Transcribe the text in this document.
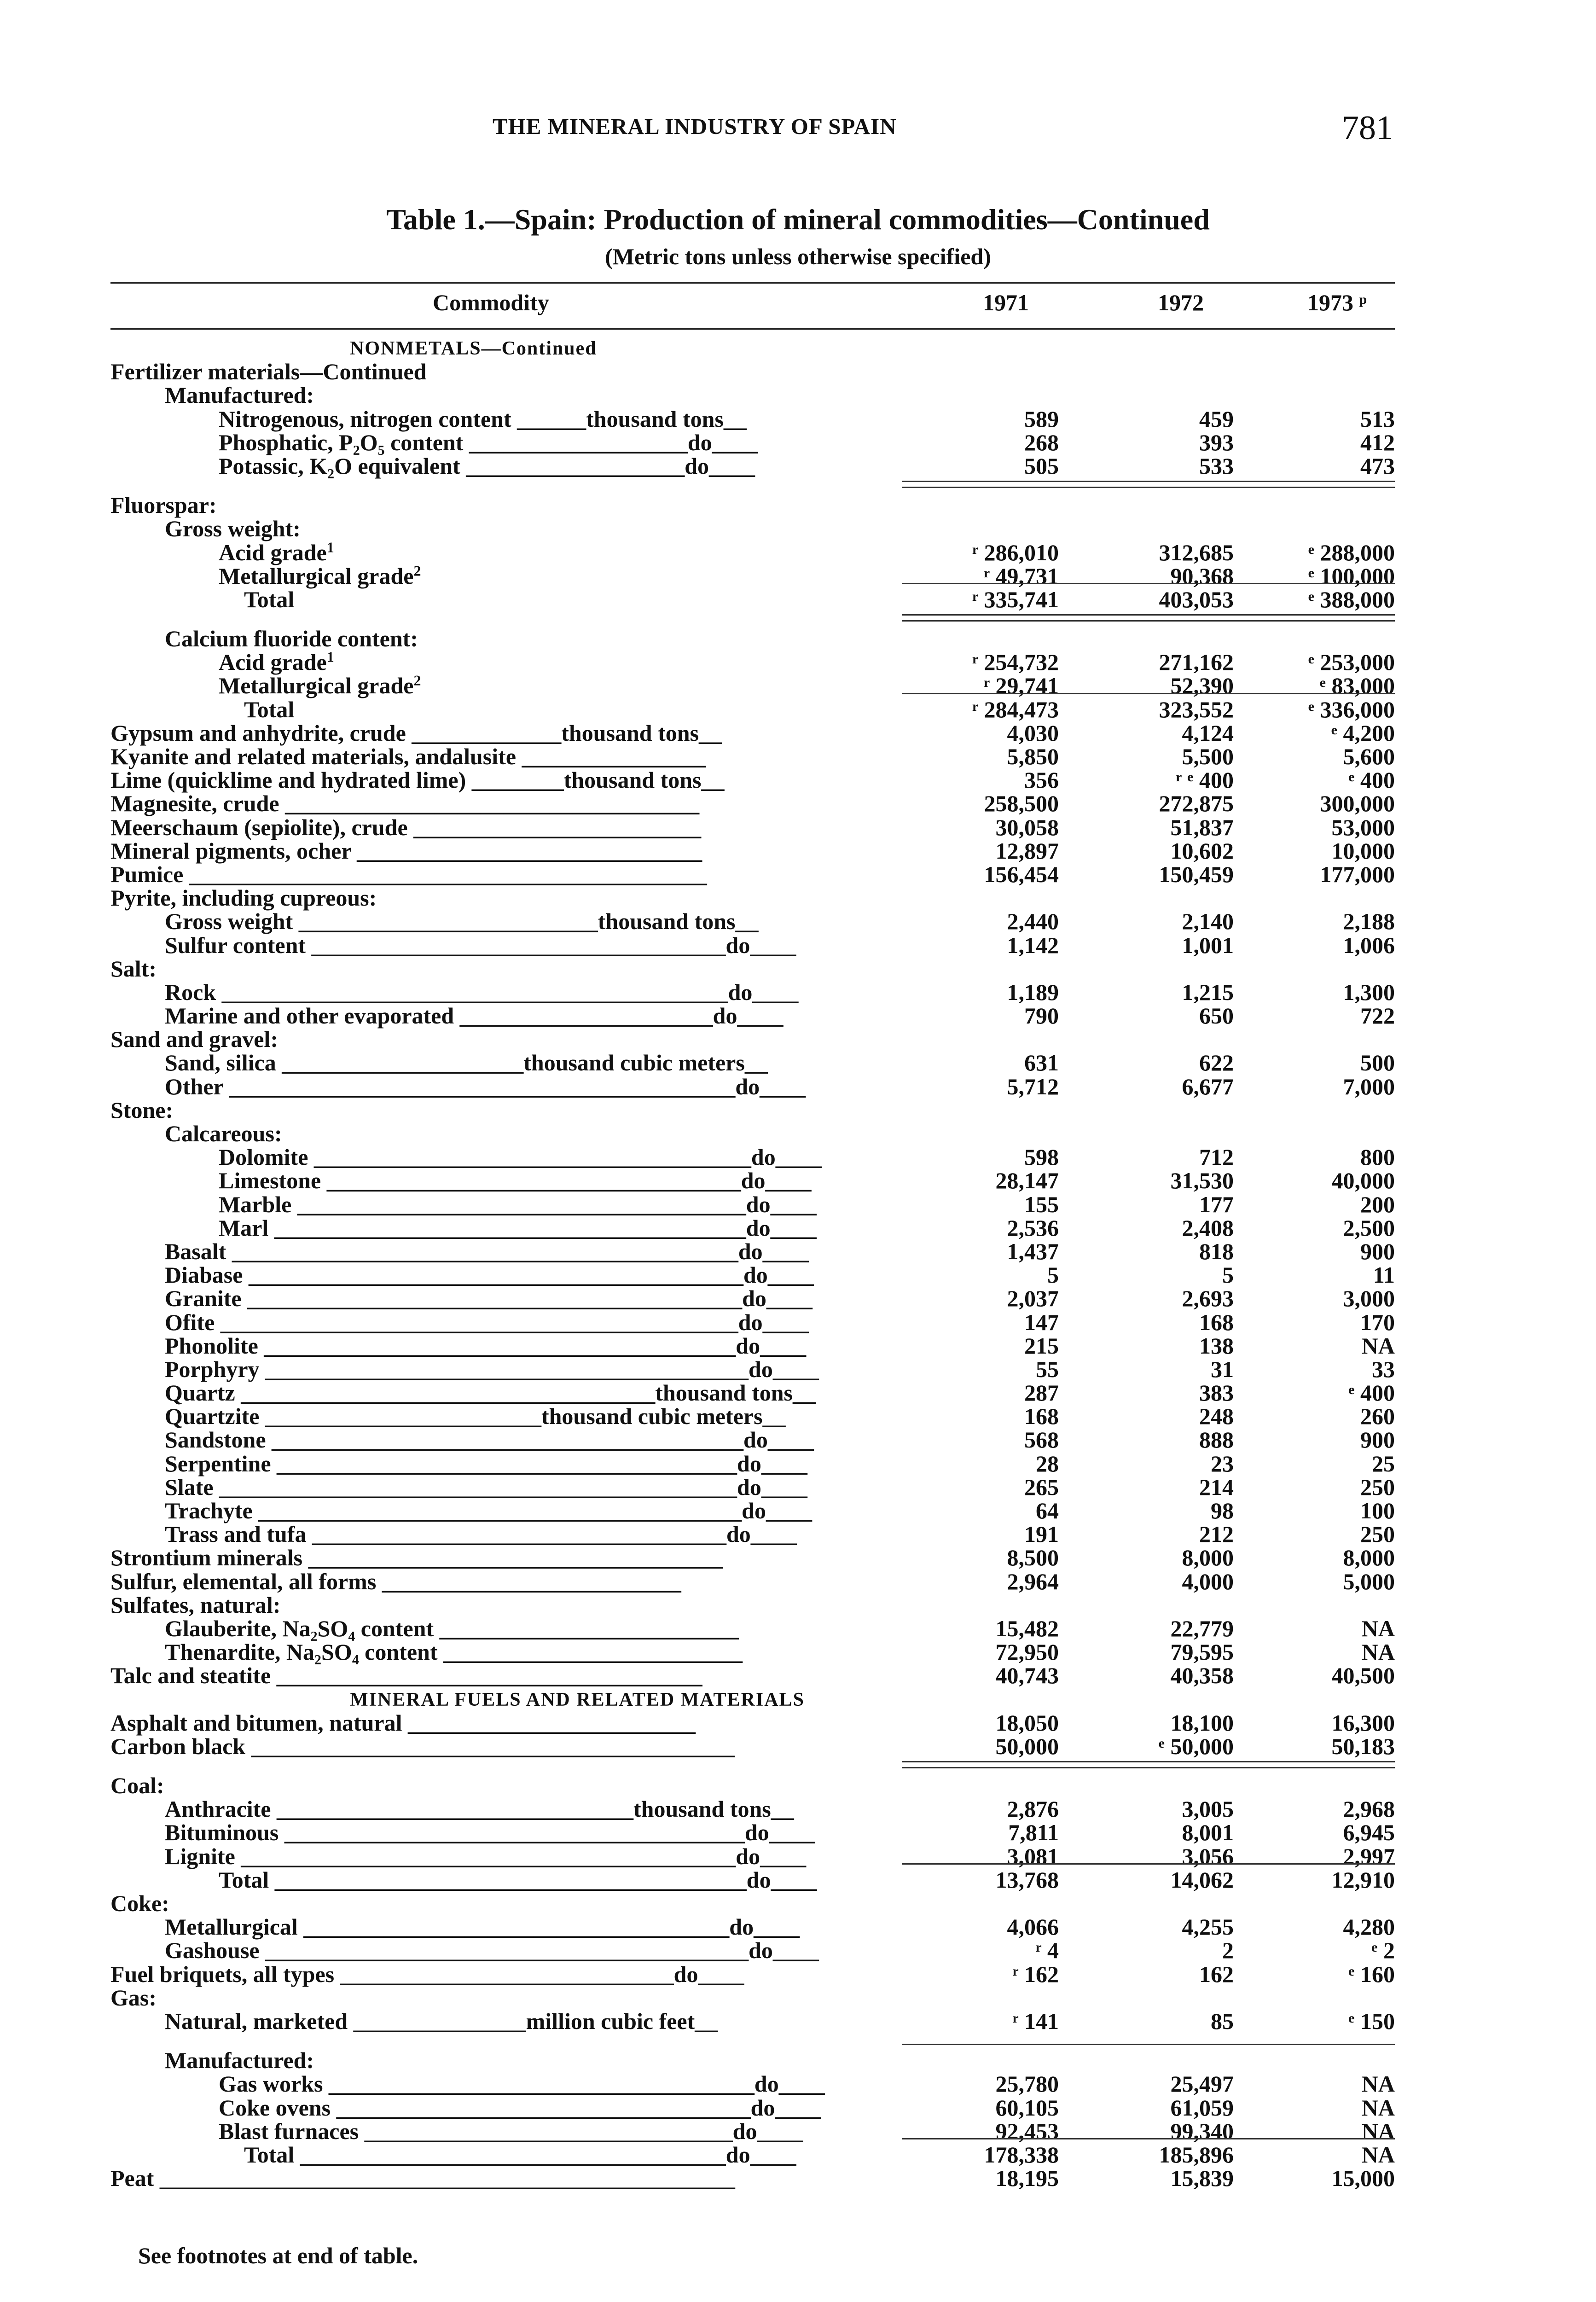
THE MINERAL INDUSTRY OF SPAIN	781
Table 1.—Spain: Production of mineral commodities—Continued
(Metric tons unless otherwise specified)
Commodity	1971	1972	1973 ᵖ
NONMETALS—Continued
Fertilizer materials—Continued
Manufactured:
Nitrogenous, nitrogen content ______thousand tons__	589	459	513
Phosphatic, P₂O₅ content ___________________do____	268	393	412
Potassic, K₂O equivalent ___________________do____	505	533	473
Fluorspar:
Gross weight:
Acid grade$^1$	ʳ 286,010	312,685	ᵉ 288,000
Metallurgical grade$^2$	ʳ 49,731	90,368	ᵉ 100,000
Total	ʳ 335,741	403,053	ᵉ 388,000
Calcium fluoride content:
Acid grade$^1$	ʳ 254,732	271,162	ᵉ 253,000
Metallurgical grade$^2$	ʳ 29,741	52,390	ᵉ 83,000
Total	ʳ 284,473	323,552	ᵉ 336,000
Gypsum and anhydrite, crude _____________thousand tons__	4,030	4,124	ᵉ 4,200
Kyanite and related materials, andalusite ________________	5,850	5,500	5,600
Lime (quicklime and hydrated lime) ________thousand tons__	356	ʳ ᵉ 400	ᵉ 400
Magnesite, crude ____________________________________	258,500	272,875	300,000
Meerschaum (sepiolite), crude _________________________	30,058	51,837	53,000
Mineral pigments, ocher ______________________________	12,897	10,602	10,000
Pumice _____________________________________________	156,454	150,459	177,000
Pyrite, including cupreous:
Gross weight __________________________thousand tons__	2,440	2,140	2,188
Sulfur content ____________________________________do____	1,142	1,001	1,006
Salt:
Rock ____________________________________________do____	1,189	1,215	1,300
Marine and other evaporated ______________________do____	790	650	722
Sand and gravel:
Sand, silica _____________________thousand cubic meters__	631	622	500
Other ____________________________________________do____	5,712	6,677	7,000
Stone:
Calcareous:
Dolomite ______________________________________do____	598	712	800
Limestone ____________________________________do____	28,147	31,530	40,000
Marble _______________________________________do____	155	177	200
Marl _________________________________________do____	2,536	2,408	2,500
Basalt ____________________________________________do____	1,437	818	900
Diabase ___________________________________________do____	5	5	11
Granite ___________________________________________do____	2,037	2,693	3,000
Ofite _____________________________________________do____	147	168	170
Phonolite _________________________________________do____	215	138	NA
Porphyry __________________________________________do____	55	31	33
Quartz ____________________________________thousand tons__	287	383	ᵉ 400
Quartzite ________________________thousand cubic meters__	168	248	260
Sandstone _________________________________________do____	568	888	900
Serpentine ________________________________________do____	28	23	25
Slate _____________________________________________do____	265	214	250
Trachyte __________________________________________do____	64	98	100
Trass and tufa ____________________________________do____	191	212	250
Strontium minerals ____________________________________	8,500	8,000	8,000
Sulfur, elemental, all forms __________________________	2,964	4,000	5,000
Sulfates, natural:
Glauberite, Na₂SO₄ content __________________________	15,482	22,779	NA
Thenardite, Na₂SO₄ content __________________________	72,950	79,595	NA
Talc and steatite _____________________________________	40,743	40,358	40,500
MINERAL FUELS AND RELATED MATERIALS
Asphalt and bitumen, natural _________________________	18,050	18,100	16,300
Carbon black __________________________________________	50,000	ᵉ 50,000	50,183
Coal:
Anthracite _______________________________thousand tons__	2,876	3,005	2,968
Bituminous ________________________________________do____	7,811	8,001	6,945
Lignite ___________________________________________do____	3,081	3,056	2,997
Total _________________________________________do____	13,768	14,062	12,910
Coke:
Metallurgical _____________________________________do____	4,066	4,255	4,280
Gashouse __________________________________________do____	ʳ 4	2	ᵉ 2
Fuel briquets, all types _____________________________do____	ʳ 162	162	ᵉ 160
Gas:
Natural, marketed _______________million cubic feet__	ʳ 141	85	ᵉ 150
Manufactured:
Gas works _____________________________________do____	25,780	25,497	NA
Coke ovens ____________________________________do____	60,105	61,059	NA
Blast furnaces ________________________________do____	92,453	99,340	NA
Total _____________________________________do____	178,338	185,896	NA
Peat __________________________________________________	18,195	15,839	15,000
See footnotes at end of table.
